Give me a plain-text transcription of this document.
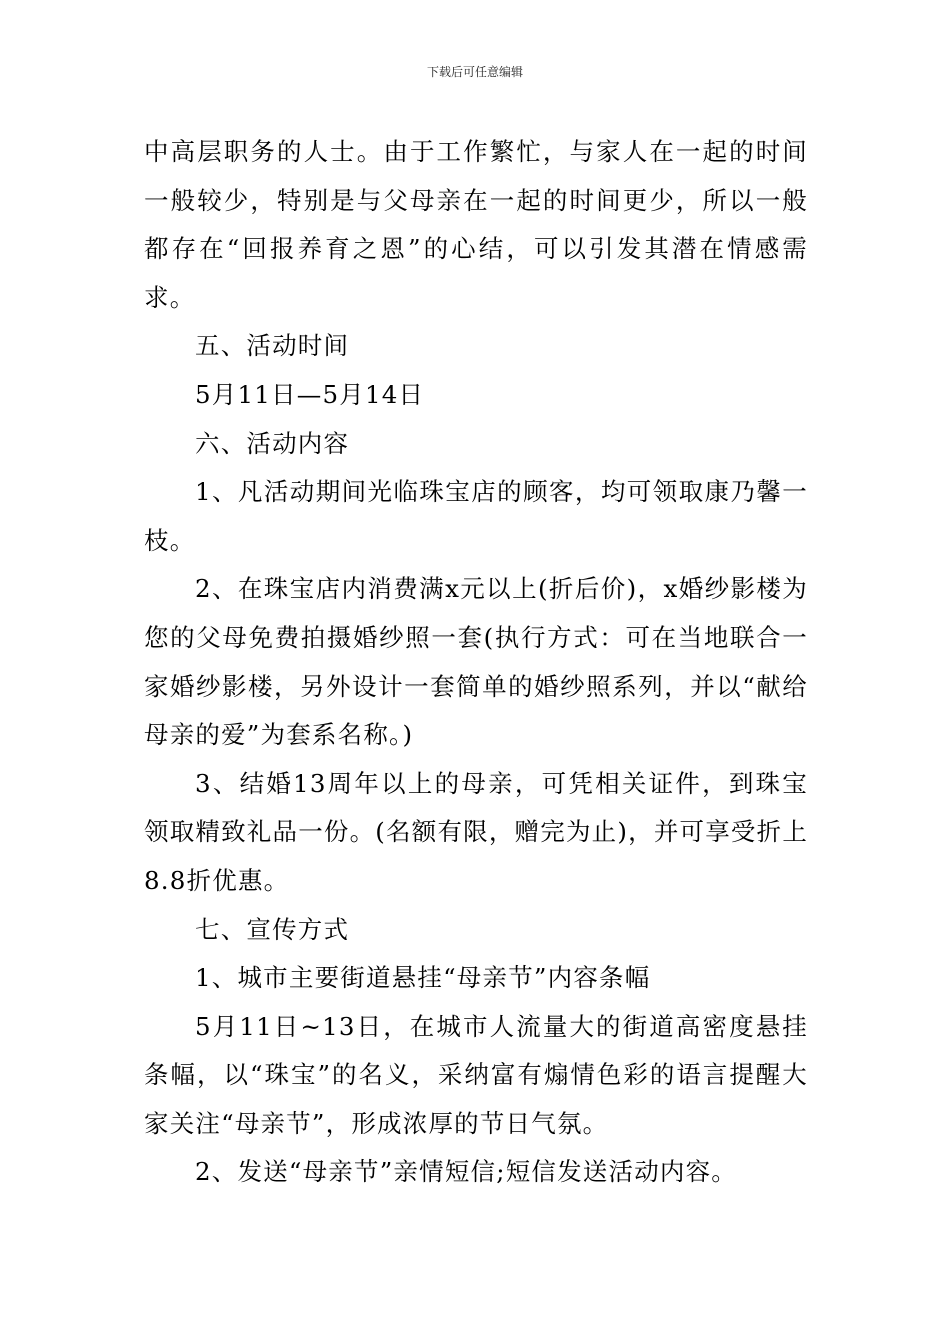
下载后可任意编辑

中高层职务的人士。由于工作繁忙，与家人在一起的时间一般较少，特别是与父母亲在一起的时间更少，所以一般都存在“回报养育之恩”的心结，可以引发其潜在情感需求。

五、活动时间

5月11日—5月14日

六、活动内容

1、凡活动期间光临珠宝店的顾客，均可领取康乃馨一枝。

2、在珠宝店内消费满x元以上(折后价)，x婚纱影楼为您的父母免费拍摄婚纱照一套(执行方式：可在当地联合一家婚纱影楼，另外设计一套简单的婚纱照系列，并以“献给母亲的爱”为套系名称。)

3、结婚13周年以上的母亲，可凭相关证件，到珠宝领取精致礼品一份。(名额有限，赠完为止)，并可享受折上8.8折优惠。

七、宣传方式

1、城市主要街道悬挂“母亲节”内容条幅

5月11日~13日，在城市人流量大的街道高密度悬挂条幅，以“珠宝”的名义，采纳富有煽情色彩的语言提醒大家关注“母亲节”，形成浓厚的节日气氛。

2、发送“母亲节”亲情短信;短信发送活动内容。
